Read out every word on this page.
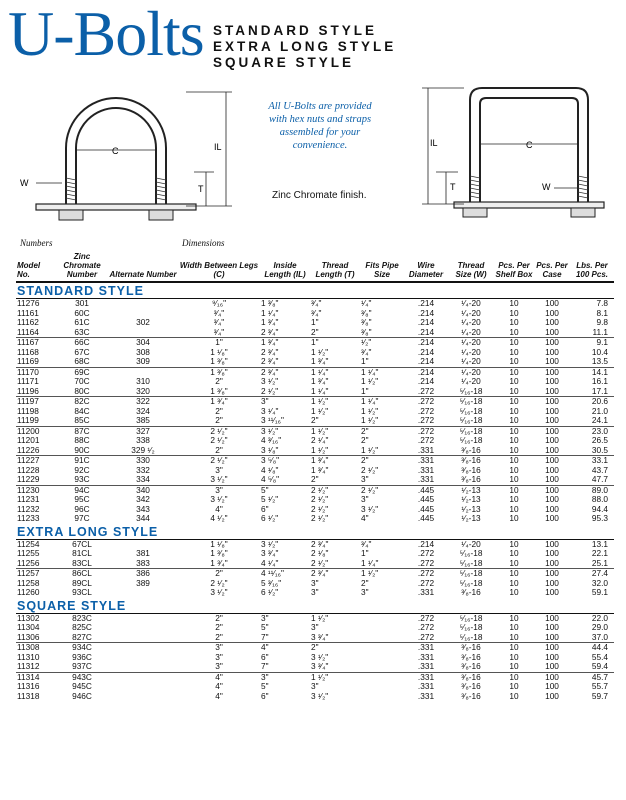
U-Bolts STANDARD STYLE
EXTRA LONG STYLE
SQUARE STYLE
C	IL
T
W
C
IL
T	W
All U-Bolts are provided with hex nuts and straps assembled for your convenience.
Zinc Chromate finish.
Numbers	Dimensions
Model No.	Zinc Chromate Number	Alternate Number	Width Between Legs (C)	Inside Length (IL)	Thread Length (T)	Fits Pipe Size	Wire Diameter	Thread Size (W)	Pcs. Per Shelf Box	Pcs. Per Case	Lbs. Per 100 Pcs.
STANDARD STYLE											
11276	301		⁹⁄₁₆"	1 ³⁄₈"	³⁄₄"	¹⁄₄"	.214	¹⁄₄-20	10	100	7.8
11161	60C		³⁄₄"	1 ¹⁄₄"	³⁄₄"	³⁄₈"	.214	¹⁄₄-20	10	100	8.1
11162	61C	302	³⁄₄"	1 ³⁄₄"	1"	³⁄₈"	.214	¹⁄₄-20	10	100	9.8
11164	63C		³⁄₄"	2 ³⁄₄"	2"	³⁄₈"	.214	¹⁄₄-20	10	100	11.1
11167	66C	304	1"	1 ³⁄₄"	1"	¹⁄₂"	.214	¹⁄₄-20	10	100	9.1
11168	67C	308	1 ¹⁄₈"	2 ³⁄₄"	1 ¹⁄₂"	³⁄₄"	.214	¹⁄₄-20	10	100	10.4
11169	68C	309	1 ³⁄₈"	2 ³⁄₄"	1 ³⁄₄"	1"	.214	¹⁄₄-20	10	100	13.5
11170	69C		1 ³⁄₈"	2 ³⁄₄"	1 ¹⁄₄"	1 ¹⁄₄"	.214	¹⁄₄-20	10	100	14.1
11171	70C	310	2"	3 ¹⁄₂"	1 ³⁄₄"	1 ¹⁄₂"	.214	¹⁄₄-20	10	100	16.1
11196	80C	320	1 ³⁄₈"	2 ¹⁄₂"	1 ¹⁄₄"	1"	.272	⁵⁄₁₆-18	10	100	17.1
11197	82C	322	1 ³⁄₄"	3"	1 ¹⁄₂"	1 ¹⁄₄"	.272	⁵⁄₁₆-18	10	100	20.6
11198	84C	324	2"	3 ¹⁄₄"	1 ¹⁄₂"	1 ¹⁄₂"	.272	⁵⁄₁₆-18	10	100	21.0
11199	85C	385	2"	3 ¹¹⁄₁₆"	2"	1 ¹⁄₂"	.272	⁵⁄₁₆-18	10	100	24.1
11200	87C	327	2 ¹⁄₂"	3 ¹⁄₂"	1 ¹⁄₂"	2"	.272	⁵⁄₁₆-18	10	100	23.0
11201	88C	338	2 ¹⁄₂"	4 ³⁄₁₆"	2 ¹⁄₄"	2"	.272	⁵⁄₁₆-18	10	100	26.5
11226	90C	329 ¹⁄₂	2"	3 ¹⁄₈"	1 ¹⁄₂"	1 ¹⁄₂"	.331	³⁄₈-16	10	100	30.5
11227	91C	330	2 ¹⁄₂"	3 ⁵⁄₈"	1 ³⁄₄"	2"	.331	³⁄₈-16	10	100	33.1
11228	92C	332	3"	4 ¹⁄₈"	1 ³⁄₄"	2 ¹⁄₂"	.331	³⁄₈-16	10	100	43.7
11229	93C	334	3 ¹⁄₂"	4 ⁵⁄₈"	2"	3"	.331	³⁄₈-16	10	100	47.7
11230	94C	340	3"	5"	2 ¹⁄₂"	2 ¹⁄₂"	.445	¹⁄₂-13	10	100	89.0
11231	95C	342	3 ¹⁄₂"	5 ¹⁄₂"	2 ¹⁄₂"	3"	.445	¹⁄₂-13	10	100	88.0
11232	96C	343	4"	6"	2 ¹⁄₂"	3 ¹⁄₂"	.445	¹⁄₂-13	10	100	94.4
11233	97C	344	4 ¹⁄₂"	6 ¹⁄₂"	2 ¹⁄₂"	4"	.445	¹⁄₂-13	10	100	95.3
EXTRA LONG STYLE											
11254	67CL		1 ¹⁄₈"	3 ¹⁄₂"	2 ³⁄₄"	³⁄₄"	.214	¹⁄₄-20	10	100	13.1
11255	81CL	381	1 ³⁄₈"	3 ³⁄₄"	2 ¹⁄₈"	1"	.272	⁵⁄₁₆-18	10	100	22.1
11256	83CL	383	1 ³⁄₄"	4 ¹⁄₄"	2 ¹⁄₂"	1 ¹⁄₄"	.272	⁵⁄₁₆-18	10	100	25.1
11257	86CL	386	2"	4 ¹¹⁄₁₆"	2 ³⁄₄"	1 ¹⁄₂"	.272	⁵⁄₁₆-18	10	100	27.4
11258	89CL	389	2 ¹⁄₂"	5 ³⁄₁₆"	3"	2"	.272	⁵⁄₁₆-18	10	100	32.0
11260	93CL		3 ¹⁄₂"	6 ¹⁄₂"	3"	3"	.331	³⁄₈-16	10	100	59.1
SQUARE STYLE											
11302	823C		2"	3"	1 ¹⁄₂"		.272	⁵⁄₁₆-18	10	100	22.0
11304	825C		2"	5"	3"		.272	⁵⁄₁₆-18	10	100	29.0
11306	827C		2"	7"	3 ³⁄₄"		.272	⁵⁄₁₆-18	10	100	37.0
11308	934C		3"	4"	2"		.331	³⁄₈-16	10	100	44.4
11310	936C		3"	6"	3 ¹⁄₂"		.331	³⁄₈-16	10	100	55.4
11312	937C		3"	7"	3 ³⁄₄"		.331	³⁄₈-16	10	100	59.4
11314	943C		4"	3"	1 ¹⁄₂"		.331	³⁄₈-16	10	100	45.7
11316	945C		4"	5"	3"		.331	³⁄₈-16	10	100	55.7
11318	946C		4"	6"	3 ¹⁄₂"		.331	³⁄₈-16	10	100	59.7
